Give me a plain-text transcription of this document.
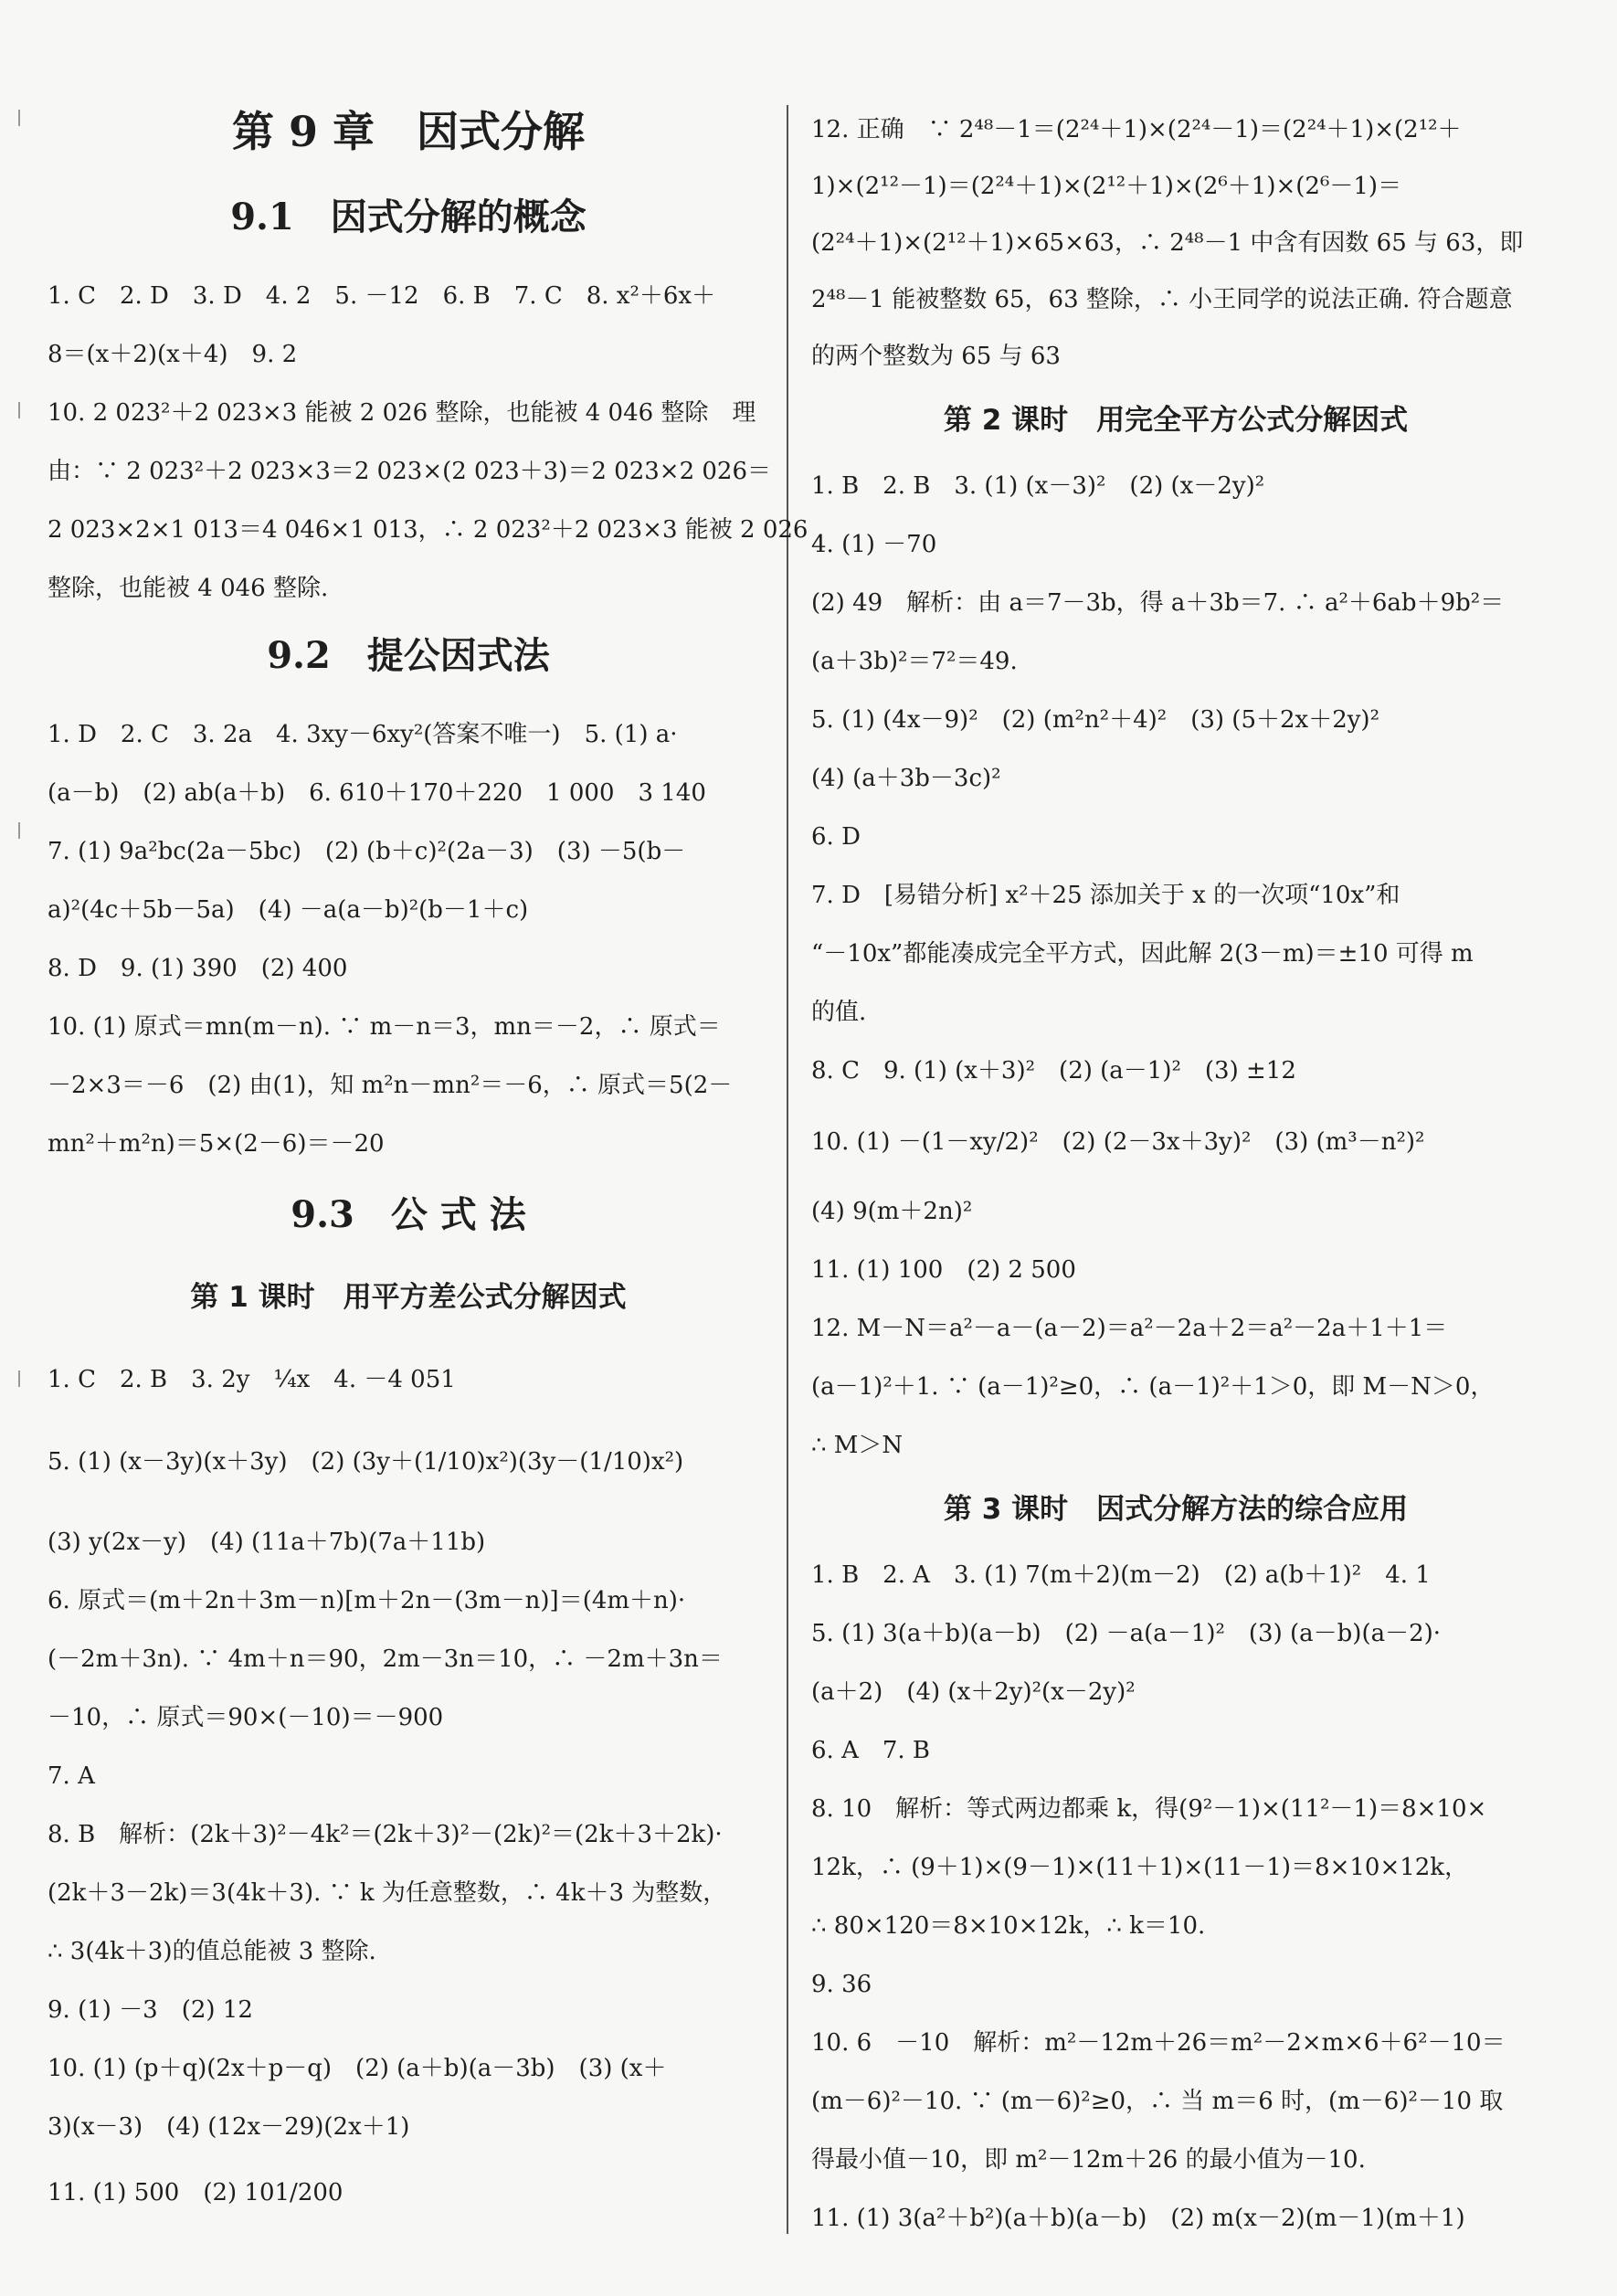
第 9 章　因式分解
9.1　因式分解的概念
1. C　2. D　3. D　4. 2　5. －12　6. B　7. C　8. x²＋6x＋
8＝(x＋2)(x＋4)　9. 2
10. 2 023²＋2 023×3 能被 2 026 整除，也能被 4 046 整除　理
由：∵ 2 023²＋2 023×3＝2 023×(2 023＋3)＝2 023×2 026＝
2 023×2×1 013＝4 046×1 013，∴ 2 023²＋2 023×3 能被 2 026
整除，也能被 4 046 整除.
9.2　提公因式法
1. D　2. C　3. 2a　4. 3xy－6xy²(答案不唯一)　5. (1) a·
(a－b)　(2) ab(a＋b)　6. 610＋170＋220　1 000　3 140
7. (1) 9a²bc(2a－5bc)　(2) (b＋c)²(2a－3)　(3) －5(b－
a)²(4c＋5b－5a)　(4) －a(a－b)²(b－1＋c)
8. D　9. (1) 390　(2) 400
10. (1) 原式＝mn(m－n). ∵ m－n＝3，mn＝－2，∴ 原式＝
－2×3＝－6　(2) 由(1)，知 m²n－mn²＝－6，∴ 原式＝5(2－
mn²＋m²n)＝5×(2－6)＝－20
9.3　公 式 法
第 1 课时　用平方差公式分解因式
1. C　2. B　3. 2y　¼x　4. －4 051
5. (1) (x－3y)(x＋3y)　(2) (3y＋(1/10)x²)(3y－(1/10)x²)
(3) y(2x－y)　(4) (11a＋7b)(7a＋11b)
6. 原式＝(m＋2n＋3m－n)[m＋2n－(3m－n)]＝(4m＋n)·
(－2m＋3n). ∵ 4m＋n＝90，2m－3n＝10，∴ －2m＋3n＝
－10，∴ 原式＝90×(－10)＝－900
7. A
8. B　解析：(2k＋3)²－4k²＝(2k＋3)²－(2k)²＝(2k＋3＋2k)·
(2k＋3－2k)＝3(4k＋3). ∵ k 为任意整数，∴ 4k＋3 为整数，
∴ 3(4k＋3)的值总能被 3 整除.
9. (1) －3　(2) 12
10. (1) (p＋q)(2x＋p－q)　(2) (a＋b)(a－3b)　(3) (x＋
3)(x－3)　(4) (12x－29)(2x＋1)
11. (1) 500　(2) 101/200
12. 正确　∵ 2⁴⁸－1＝(2²⁴＋1)×(2²⁴－1)＝(2²⁴＋1)×(2¹²＋
1)×(2¹²－1)＝(2²⁴＋1)×(2¹²＋1)×(2⁶＋1)×(2⁶－1)＝
(2²⁴＋1)×(2¹²＋1)×65×63，∴ 2⁴⁸－1 中含有因数 65 与 63，即
2⁴⁸－1 能被整数 65，63 整除，∴ 小王同学的说法正确. 符合题意
的两个整数为 65 与 63
第 2 课时　用完全平方公式分解因式
1. B　2. B　3. (1) (x－3)²　(2) (x－2y)²
4. (1) －70
(2) 49　解析：由 a＝7－3b，得 a＋3b＝7. ∴ a²＋6ab＋9b²＝
(a＋3b)²＝7²＝49.
5. (1) (4x－9)²　(2) (m²n²＋4)²　(3) (5＋2x＋2y)²
(4) (a＋3b－3c)²
6. D
7. D　[易错分析] x²＋25 添加关于 x 的一次项“10x”和
“－10x”都能凑成完全平方式，因此解 2(3－m)＝±10 可得 m
的值.
8. C　9. (1) (x＋3)²　(2) (a－1)²　(3) ±12
10. (1) －(1－xy/2)²　(2) (2－3x＋3y)²　(3) (m³－n²)²
(4) 9(m＋2n)²
11. (1) 100　(2) 2 500
12. M－N＝a²－a－(a－2)＝a²－2a＋2＝a²－2a＋1＋1＝
(a－1)²＋1. ∵ (a－1)²≥0，∴ (a－1)²＋1＞0，即 M－N＞0，
∴ M＞N
第 3 课时　因式分解方法的综合应用
1. B　2. A　3. (1) 7(m＋2)(m－2)　(2) a(b＋1)²　4. 1
5. (1) 3(a＋b)(a－b)　(2) －a(a－1)²　(3) (a－b)(a－2)·
(a＋2)　(4) (x＋2y)²(x－2y)²
6. A　7. B
8. 10　解析：等式两边都乘 k，得(9²－1)×(11²－1)＝8×10×
12k，∴ (9＋1)×(9－1)×(11＋1)×(11－1)＝8×10×12k，
∴ 80×120＝8×10×12k，∴ k＝10.
9. 36
10. 6　－10　解析：m²－12m＋26＝m²－2×m×6＋6²－10＝
(m－6)²－10. ∵ (m－6)²≥0，∴ 当 m＝6 时，(m－6)²－10 取
得最小值－10，即 m²－12m＋26 的最小值为－10.
11. (1) 3(a²＋b²)(a＋b)(a－b)　(2) m(x－2)(m－1)(m＋1)
